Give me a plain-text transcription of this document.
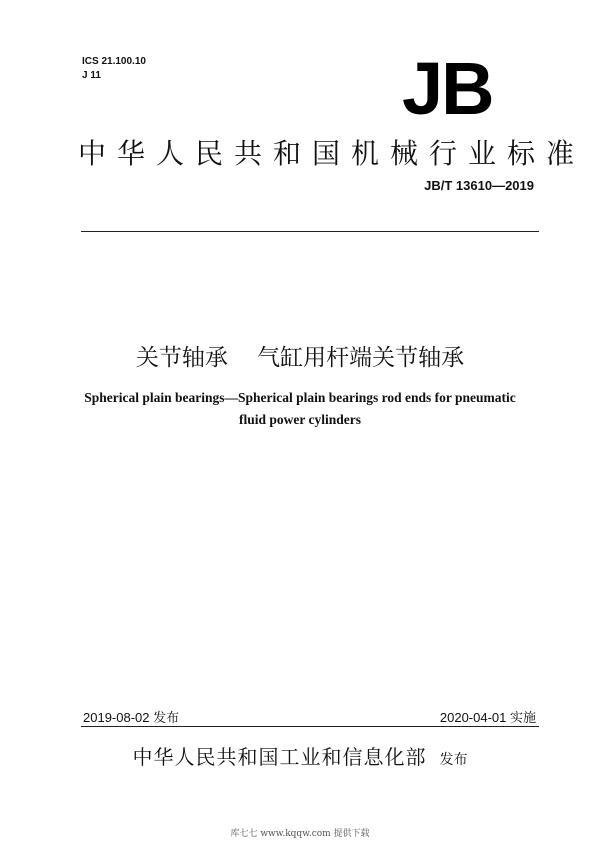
ICS 21.100.10
J 11	JB
中华人民共和国机械行业标准
JB/T 13610—2019
关节轴承    气缸用杆端关节轴承
Spherical plain bearings—Spherical plain bearings rod ends for pneumatic
fluid power cylinders
2019-08-02 发布	2020-04-01 实施
中华人民共和国工业和信息化部 发布
库七七 www.kqqw.com 提供下载
